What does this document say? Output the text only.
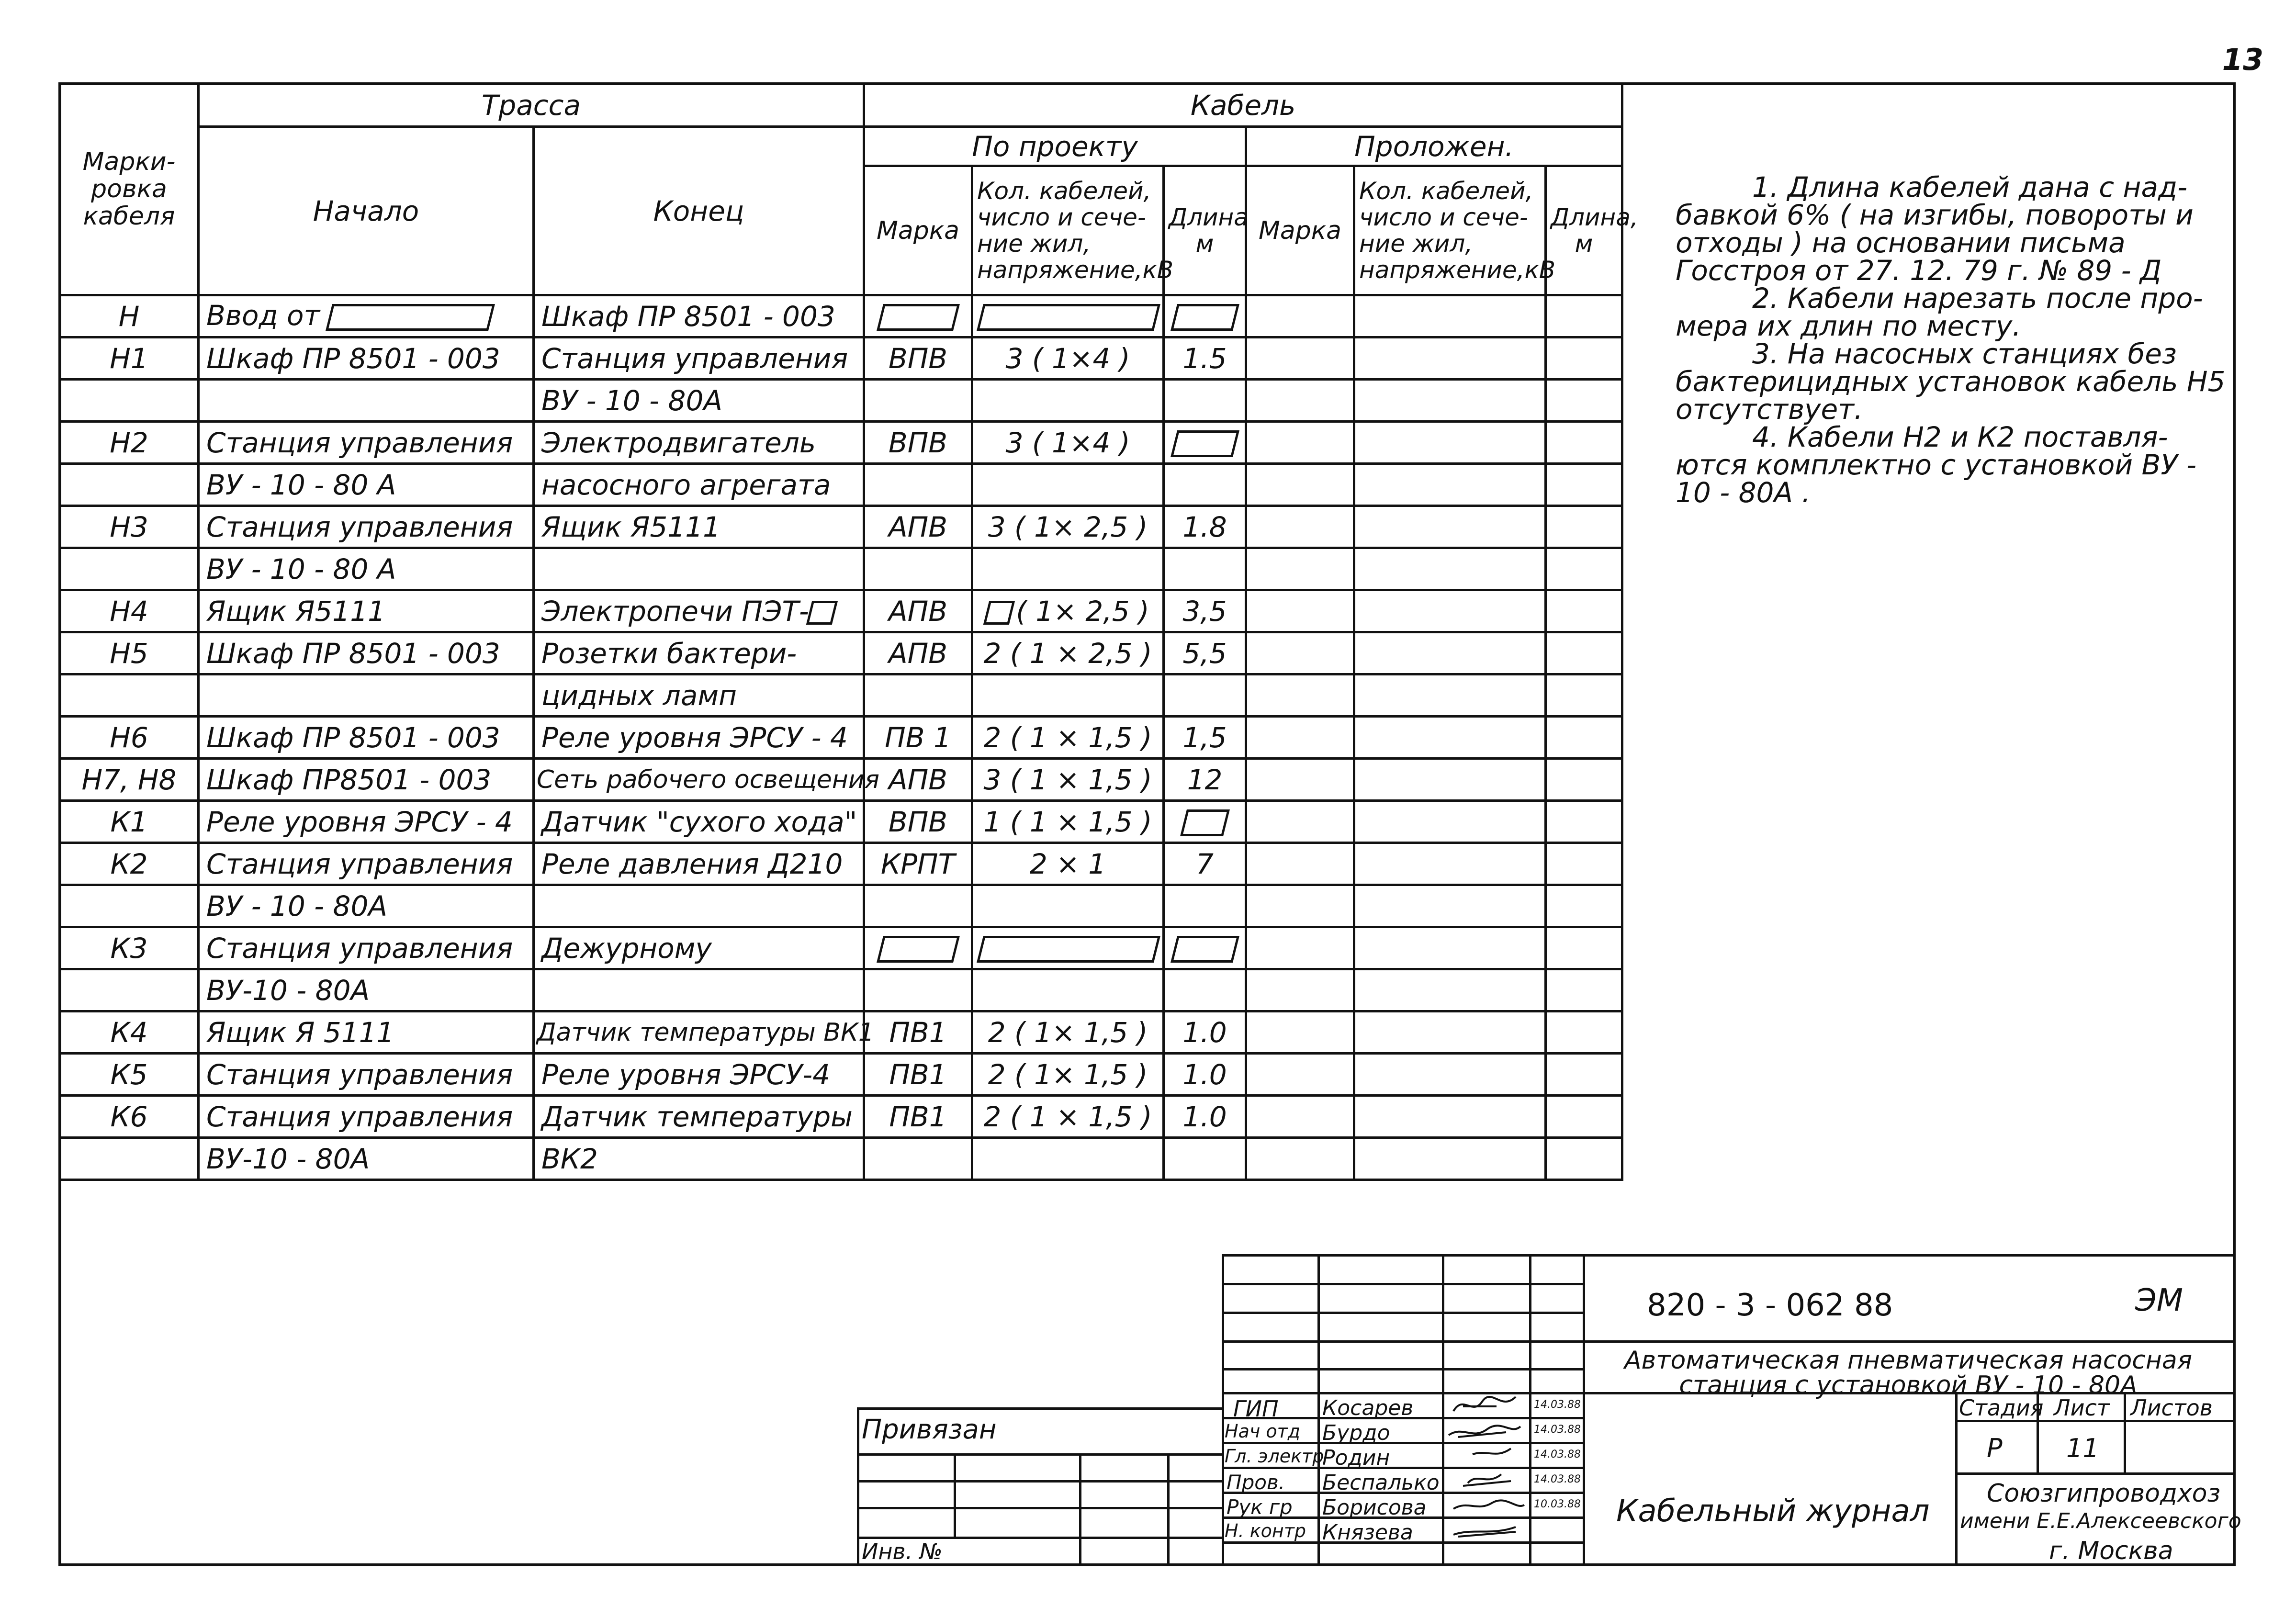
13
Марки-ровка кабеля	Трасса		Кабель					
	Начало	Конец	По проекту			Проложен.		
			Марка	Кол. кабелей, число и сече-ние жил, напряжение,кВ	Длина м	Марка	Кол. кабелей, число и сече-ние жил, напряжение,кВ	Длина, м
Н	Ввод от	Шкаф ПР 8501 - 003						
Н1	Шкаф ПР 8501 - 003	Станция управления	ВПВ	3 ( 1×4 )	1.5			
		ВУ - 10 - 80А						
Н2	Станция управления	Электродвигатель	ВПВ	3 ( 1×4 )				
	ВУ - 10 - 80 А	насосного агрегата						
Н3	Станция управления	Ящик Я5111	АПВ	3 ( 1× 2,5 )	1.8			
	ВУ - 10 - 80 А							
Н4	Ящик Я5111	Электропечи ПЭТ-	АПВ	( 1× 2,5 )	3,5			
Н5	Шкаф ПР 8501 - 003	Розетки бактери-	АПВ	2 ( 1 × 2,5 )	5,5			
		цидных ламп						
Н6	Шкаф ПР 8501 - 003	Реле уровня ЭРСУ - 4	ПВ 1	2 ( 1 × 1,5 )	1,5			
Н7, Н8	Шкаф ПР8501 - 003	Сеть рабочего освещения	АПВ	3 ( 1 × 1,5 )	12			
К1	Реле уровня ЭРСУ - 4	Датчик "сухого хода"	ВПВ	1 ( 1 × 1,5 )				
К2	Станция управления	Реле давления Д210	КРПТ	2 × 1	7			
	ВУ - 10 - 80А							
К3	Станция управления	Дежурному						
	ВУ-10 - 80А							
К4	Ящик Я 5111	Датчик температуры ВК1	ПВ1	2 ( 1× 1,5 )	1.0			
К5	Станция управления	Реле уровня ЭРСУ-4	ПВ1	2 ( 1× 1,5 )	1.0			
К6	Станция управления	Датчик температуры	ПВ1	2 ( 1 × 1,5 )	1.0			
	ВУ-10 - 80А	ВК2						

1. Длина кабелей дана с над-бавкой 6% ( на изгибы, повороты и отходы ) на основании письма Госстроя от 27. 12. 79 г. № 89 - Д

2. Кабели нарезать после про-мера их длин по месту.

3. На насосных станциях без бактерицидных установок кабель Н5 отсутствует.

4. Кабели Н2 и К2 поставля-ются комплектно с установкой ВУ - 10 - 80А .

820 - 3 - 062 88	ЭМ
Автоматическая пневматическая насосная станция с установкой ВУ - 10 - 80А
Кабельный журнал
Стадия Лист Листов
Р 11
Союзгипроводхоз
имени Е.Е.Алексеевского
г. Москва
Привязан
Инв. №
ГИП Косарев	14.03.88
Нач отд Бурдо	14.03.88
Гл. электр
Родин	14.03.88
Пров. Беспалько	14.03.88
Рук гр Борисова	10.03.88
Н. контр Князева
